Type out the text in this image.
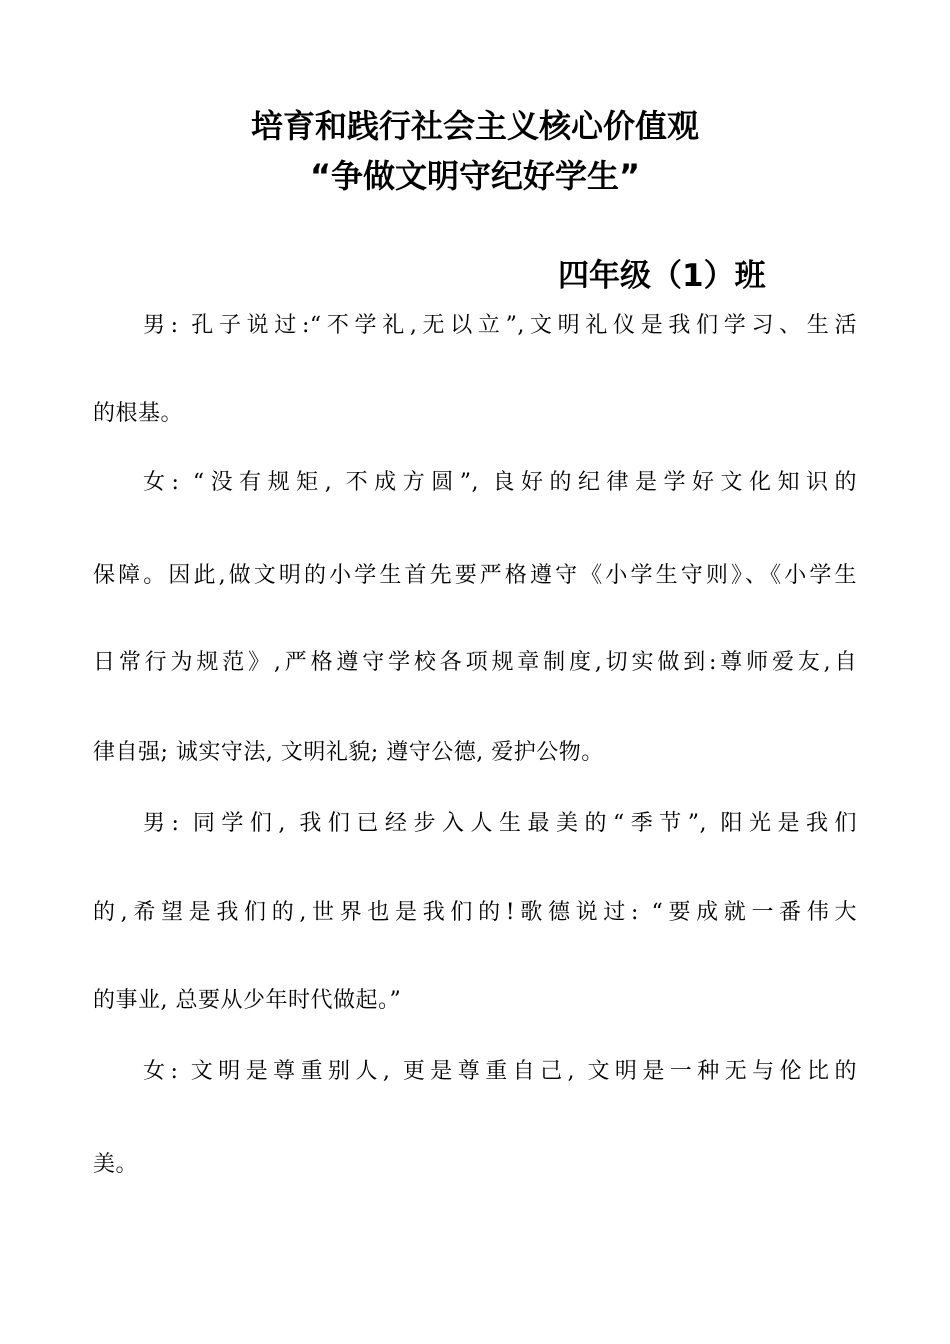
培育和践行社会主义核心价值观
“争做文明守纪好学生”
四年级（1）班
男: 孔子说过:“不学礼,无以立”,文明礼仪是我们学习、生活
的根基。
女: “没有规矩, 不成方圆”, 良好的纪律是学好文化知识的
保障。因此,做文明的小学生首先要严格遵守《小学生守则》、《小学生
日常行为规范》,严格遵守学校各项规章制度,切实做到:尊师爱友,自
律自强; 诚实守法, 文明礼貌; 遵守公德, 爱护公物。
男: 同学们, 我们已经步入人生最美的“季节”, 阳光是我们
的,希望是我们的,世界也是我们的!歌德说过: “要成就一番伟大
的事业, 总要从少年时代做起。”
女: 文明是尊重别人, 更是尊重自己, 文明是一种无与伦比的
美。
